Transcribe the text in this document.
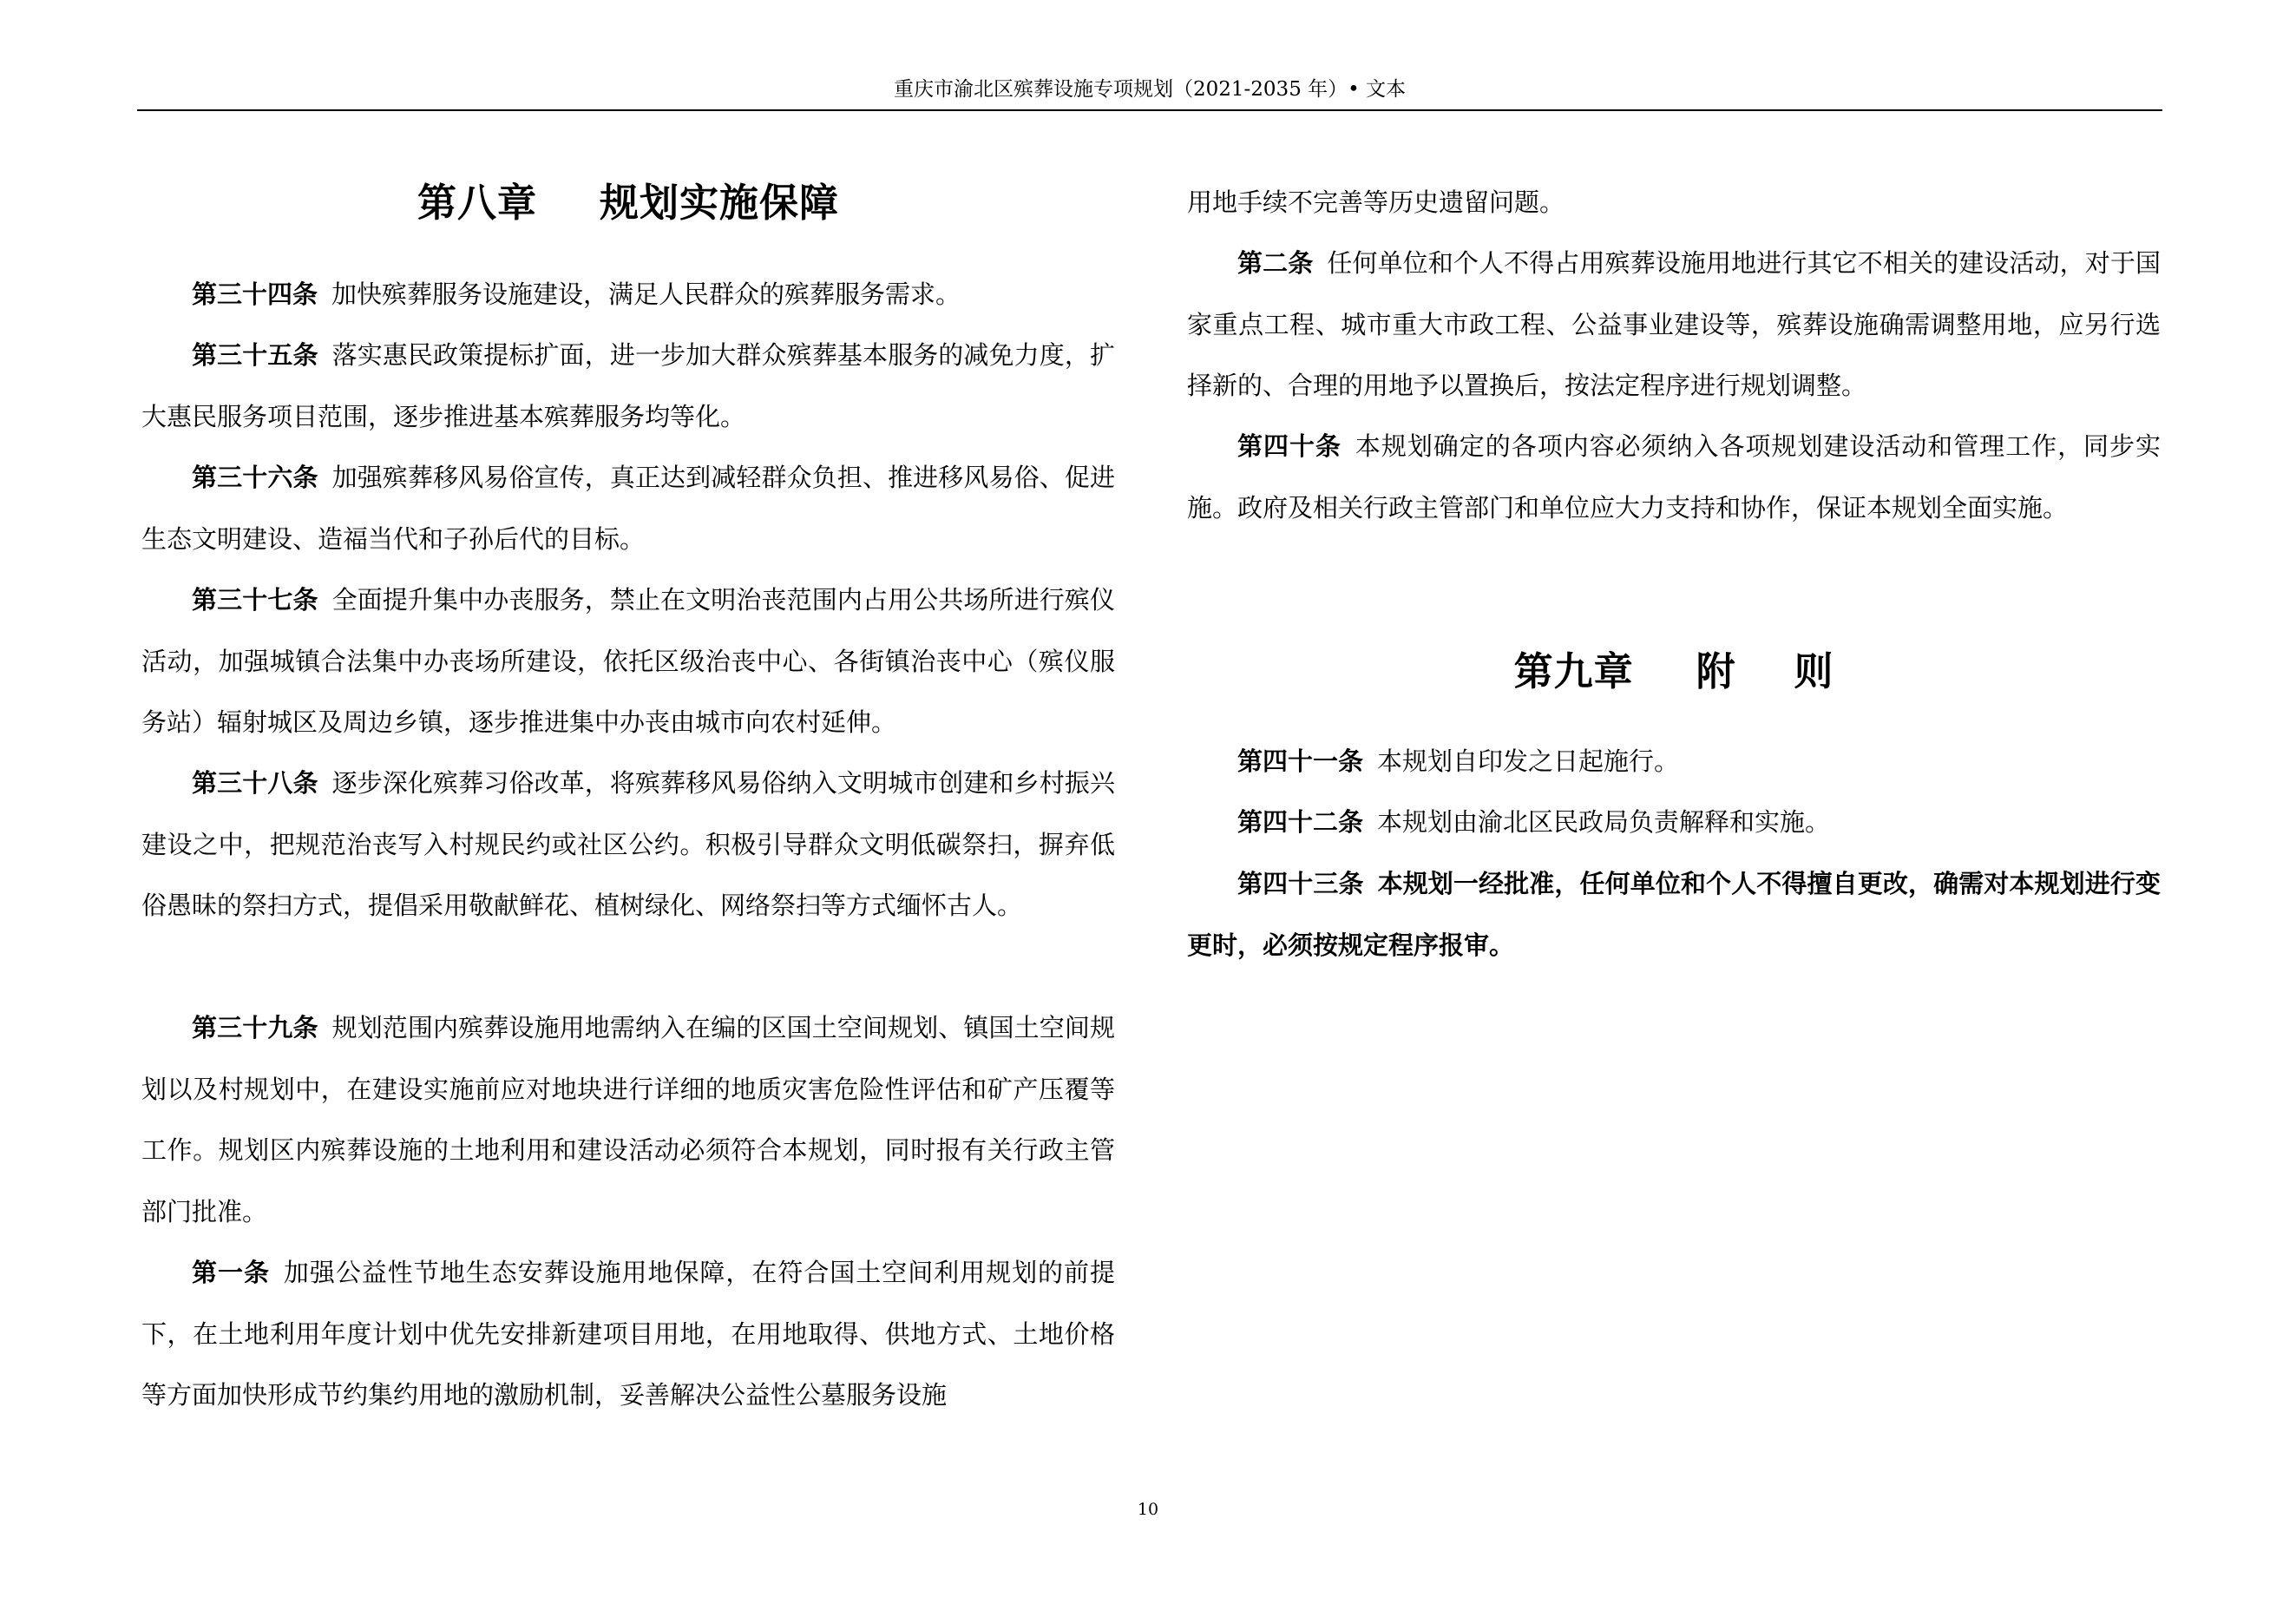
重庆市渝北区殡葬设施专项规划（2021-2035 年）• 文本
第八章 规划实施保障

第三十四条 加快殡葬服务设施建设，满足人民群众的殡葬服务需求。

第三十五条 落实惠民政策提标扩面，进一步加大群众殡葬基本服务的减免力度，扩大惠民服务项目范围，逐步推进基本殡葬服务均等化。

第三十六条 加强殡葬移风易俗宣传，真正达到减轻群众负担、推进移风易俗、促进生态文明建设、造福当代和子孙后代的目标。

第三十七条 全面提升集中办丧服务，禁止在文明治丧范围内占用公共场所进行殡仪活动，加强城镇合法集中办丧场所建设，依托区级治丧中心、各街镇治丧中心（殡仪服务站）辐射城区及周边乡镇，逐步推进集中办丧由城市向农村延伸。

第三十八条 逐步深化殡葬习俗改革，将殡葬移风易俗纳入文明城市创建和乡村振兴建设之中，把规范治丧写入村规民约或社区公约。积极引导群众文明低碳祭扫，摒弃低俗愚昧的祭扫方式，提倡采用敬献鲜花、植树绿化、网络祭扫等方式缅怀古人。

第三十九条 规划范围内殡葬设施用地需纳入在编的区国土空间规划、镇国土空间规划以及村规划中，在建设实施前应对地块进行详细的地质灾害危险性评估和矿产压覆等工作。规划区内殡葬设施的土地利用和建设活动必须符合本规划，同时报有关行政主管部门批准。

第一条 加强公益性节地生态安葬设施用地保障，在符合国土空间利用规划的前提下，在土地利用年度计划中优先安排新建项目用地，在用地取得、供地方式、土地价格等方面加快形成节约集约用地的激励机制，妥善解决公益性公墓服务设施

用地手续不完善等历史遗留问题。

第二条 任何单位和个人不得占用殡葬设施用地进行其它不相关的建设活动，对于国家重点工程、城市重大市政工程、公益事业建设等，殡葬设施确需调整用地，应另行选择新的、合理的用地予以置换后，按法定程序进行规划调整。

第四十条 本规划确定的各项内容必须纳入各项规划建设活动和管理工作，同步实施。政府及相关行政主管部门和单位应大力支持和协作，保证本规划全面实施。

第九章 附    则

第四十一条 本规划自印发之日起施行。

第四十二条 本规划由渝北区民政局负责解释和实施。

第四十三条 本规划一经批准，任何单位和个人不得擅自更改，确需对本规划进行变更时，必须按规定程序报审。

10
